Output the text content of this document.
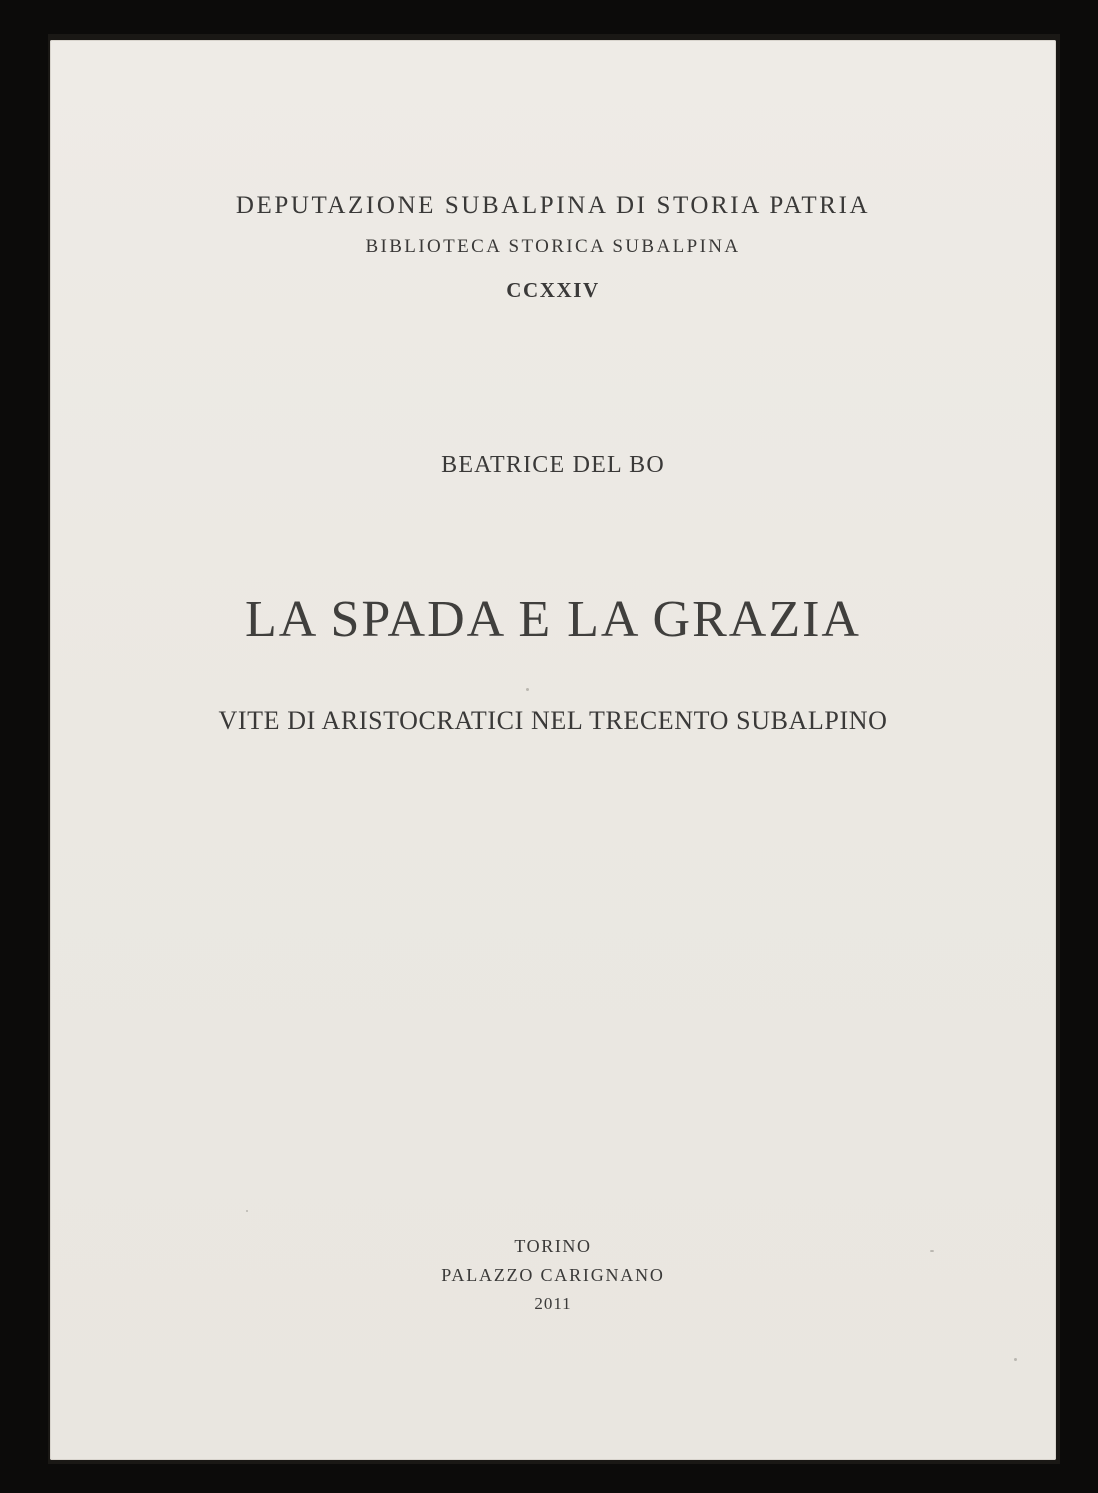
DEPUTAZIONE SUBALPINA DI STORIA PATRIA
BIBLIOTECA STORICA SUBALPINA
CCXXIV
BEATRICE DEL BO
LA SPADA E LA GRAZIA
VITE DI ARISTOCRATICI NEL TRECENTO SUBALPINO
TORINO
PALAZZO CARIGNANO
2011
